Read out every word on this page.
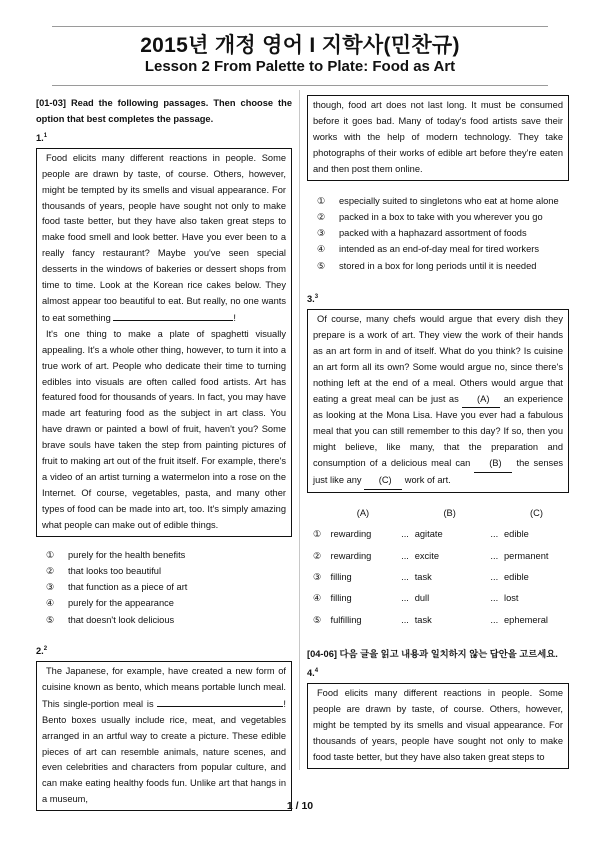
2015년 개정 영어 I 지학사(민찬규)
Lesson 2 From Palette to Plate: Food as Art
[01-03] Read the following passages. Then choose the option that best completes the passage.
1.$^1$

Food elicits many different reactions in people. Some people are drawn by taste, of course. Others, however, might be tempted by its smells and visual appearance. For thousands of years, people have sought not only to make food taste better, but they have also taken great steps to make food smell and look better. Have you ever been to a really fancy restaurant? Maybe you've seen special desserts in the windows of bakeries or dessert shops from time to time. Look at the Korean rice cakes below. They almost appear too beautiful to eat. But really, no one wants to eat something	!

It's one thing to make a plate of spaghetti visually appealing. It's a whole other thing, however, to turn it into a true work of art. People who dedicate their time to turning edibles into visuals are often called food artists. Art has featured food for thousands of years. In fact, you may have made art featuring food as the subject in art class. You have drawn or painted a bowl of fruit, haven't you? Some brave souls have taken the step from painting pictures of fruit to making art out of the fruit itself. For example, there's a video of an artist turning a watermelon into a rose on the Internet. Of course, vegetables, pasta, and many other types of food can be made into art, too. It's simply amazing what people can make out of edible things.

①	purely for the health benefits
②	that looks too beautiful
③	that function as a piece of art
④	purely for the appearance
⑤	that doesn't look delicious
2.$^2$

The Japanese, for example, have created a new form of cuisine known as bento, which means portable lunch meal. This single-portion meal is	! Bento boxes usually include rice, meat, and vegetables arranged in an artful way to create a picture. These edible pieces of art can resemble animals, nature scenes, and even celebrities and characters from popular culture, and can make eating healthy foods fun. Unlike art that hangs in a museum,

though, food art does not last long. It must be consumed before it goes bad. Many of today's food artists save their works with the help of modern technology. They take photographs of their works of edible art before they're eaten and then post them online.

①	especially suited to singletons who eat at home alone
②	packed in a box to take with you wherever you go
③	packed with a haphazard assortment of foods
④	intended as an end-of-day meal for tired workers
⑤	stored in a box for long periods until it is needed
3.$^3$

Of course, many chefs would argue that every dish they prepare is a work of art. They view the work of their hands as an art form in and of itself. What do you think? Is cuisine an art form all its own? Some would argue no, since there's nothing left at the end of a meal. Others would argue that eating a great meal can be just as (A) an experience as looking at the Mona Lisa. Have you ever had a fabulous meal that you can still remember to this day? If so, then you might believe, like many, that the preparation and consumption of a delicious meal can (B) the senses just like any (C) work of art.

	(A)		(B)		(C)
①	rewarding	...	agitate	...	edible
②	rewarding	...	excite	...	permanent
③	filling	...	task	...	edible
④	filling	...	dull	...	lost
⑤	fulfilling	...	task	...	ephemeral
[04-06] 다음 글을 읽고 내용과 일치하지 않는 답안을 고르세요.
4.$^4$

Food elicits many different reactions in people. Some people are drawn by taste, of course. Others, however, might be tempted by its smells and visual appearance. For thousands of years, people have sought not only to make food taste better, but they have also taken great steps to

1 / 10
